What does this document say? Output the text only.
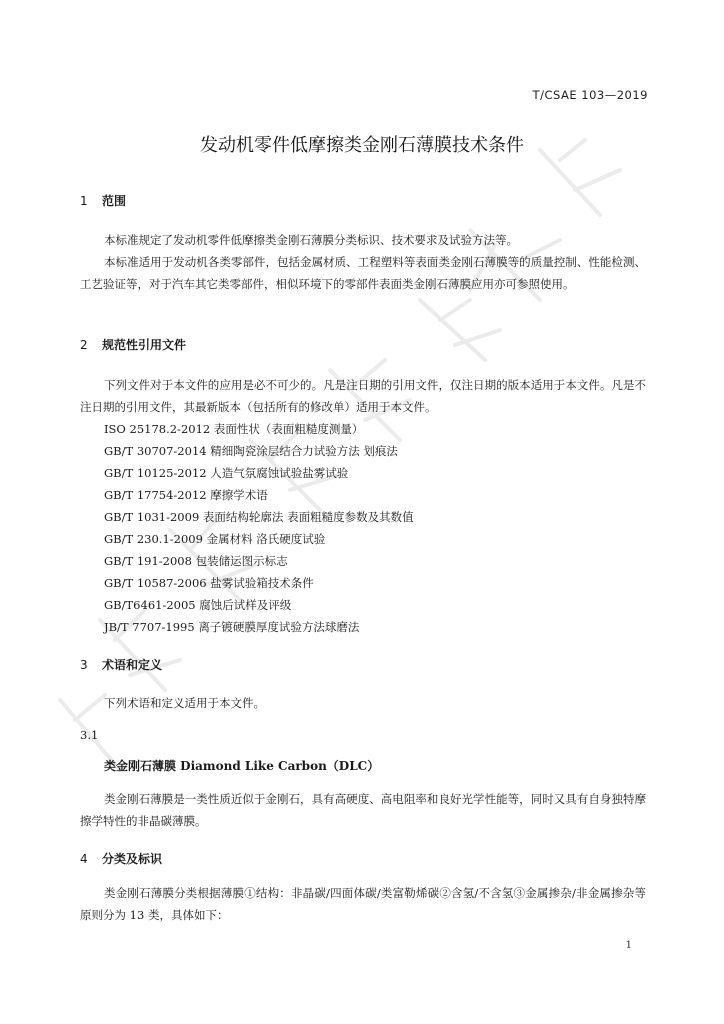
T/CSAE 103—2019
发动机零件低摩擦类金刚石薄膜技术条件
1 范围

本标准规定了发动机零件低摩擦类金刚石薄膜分类标识、技术要求及试验方法等。

本标准适用于发动机各类零部件，包括金属材质、工程塑料等表面类金刚石薄膜等的质量控制、性能检测、工艺验证等，对于汽车其它类零部件，相似环境下的零部件表面类金刚石薄膜应用亦可参照使用。

2 规范性引用文件

下列文件对于本文件的应用是必不可少的。凡是注日期的引用文件，仅注日期的版本适用于本文件。凡是不注日期的引用文件，其最新版本（包括所有的修改单）适用于本文件。

ISO 25178.2-2012 表面性状（表面粗糙度测量）
GB/T 30707-2014 精细陶瓷涂层结合力试验方法 划痕法
GB/T 10125-2012 人造气氛腐蚀试验盐雾试验
GB/T 17754-2012 摩擦学术语
GB/T 1031-2009 表面结构轮廓法 表面粗糙度参数及其数值
GB/T 230.1-2009 金属材料 洛氏硬度试验
GB/T 191-2008 包装储运图示标志
GB/T 10587-2006 盐雾试验箱技术条件
GB/T6461-2005 腐蚀后试样及评级
JB/T 7707-1995 离子镀硬膜厚度试验方法球磨法
3 术语和定义

下列术语和定义适用于本文件。

3.1
类金刚石薄膜 Diamond Like Carbon（DLC）

类金刚石薄膜是一类性质近似于金刚石，具有高硬度、高电阻率和良好光学性能等，同时又具有自身独特摩擦学特性的非晶碳薄膜。

4 分类及标识

类金刚石薄膜分类根据薄膜①结构：非晶碳/四面体碳/类富勒烯碳②含氢/不含氢③金属掺杂/非金属掺杂等原则分为 13 类，具体如下：

1
